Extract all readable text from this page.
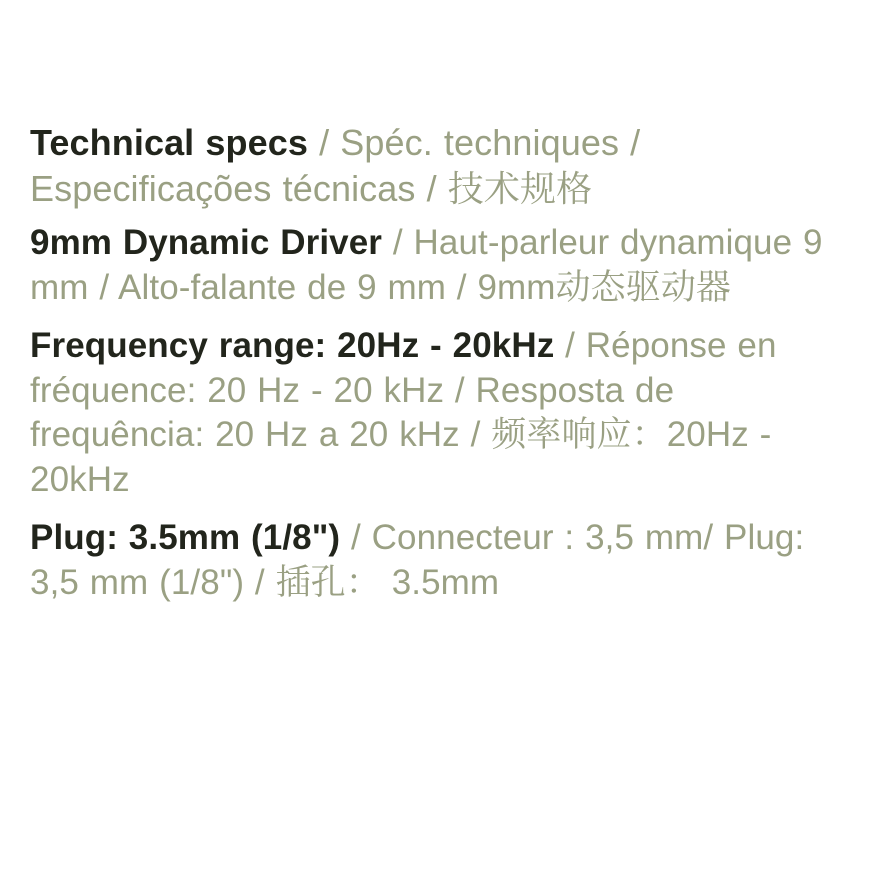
Technical specs / Spéc. techniques / Especificações técnicas / 技术规格

9mm Dynamic Driver / Haut-parleur dynamique 9 mm / Alto-falante de 9 mm / 9mm动态驱动器

Frequency range: 20Hz - 20kHz / Réponse en fréquence: 20 Hz - 20 kHz / Resposta de frequência: 20 Hz a 20 kHz / 频率响应：20Hz - 20kHz

Plug: 3.5mm (1/8") / Connecteur : 3,5 mm/ Plug: 3,5 mm (1/8") / 插孔： 3.5mm
